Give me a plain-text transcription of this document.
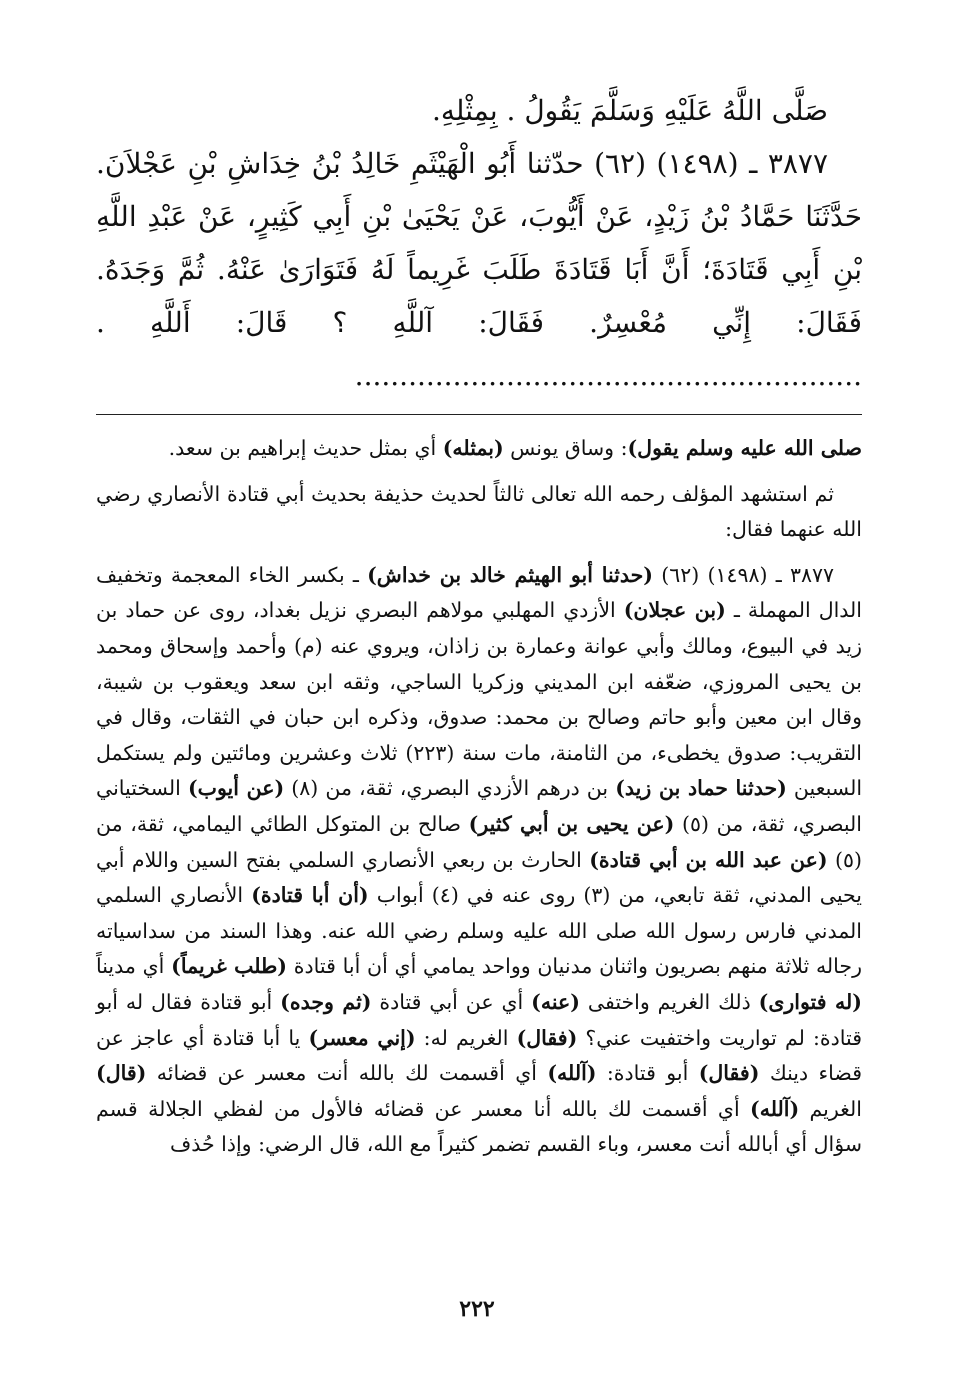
صَلَّى اللَّهُ عَلَيْهِ وَسَلَّمَ يَقُولُ . بِمِثْلِهِ.

٣٨٧٧ ـ (١٤٩٨) (٦٢) حدّثنا أَبُو الْهَيْثَمِ خَالِدُ بْنُ خِدَاشِ بْنِ عَجْلاَنَ. حَدَّثَنَا حَمَّادُ بْنُ زَيْدٍ، عَنْ أَيُّوبَ، عَنْ يَحْيَىٰ بْنِ أَبِي كَثِيرٍ، عَنْ عَبْدِ اللَّهِ بْنِ أَبِي قَتَادَةَ؛ أَنَّ أَبَا قَتَادَةَ طَلَبَ غَرِيماً لَهُ فَتَوَارَىٰ عَنْهُ. ثُمَّ وَجَدَهُ. فَقَالَ: إِنِّي مُعْسِرٌ. فَقَالَ: آللَّهِ ؟ قَالَ: أَللَّهِ . .........................................................

صلى الله عليه وسلم يقول): وساق يونس (بمثله) أي بمثل حديث إبراهيم بن سعد.

ثم استشهد المؤلف رحمه الله تعالى ثالثاً لحديث حذيفة بحديث أبي قتادة الأنصاري رضي الله عنهما فقال:

٣٨٧٧ ـ (١٤٩٨) (٦٢) (حدثنا أبو الهيثم خالد بن خداش) ـ بكسر الخاء المعجمة وتخفيف الدال المهملة ـ (بن عجلان) الأزدي المهلبي مولاهم البصري نزيل بغداد، روى عن حماد بن زيد في البيوع، ومالك وأبي عوانة وعمارة بن زاذان، ويروي عنه (م) وأحمد وإسحاق ومحمد بن يحيى المروزي، ضعّفه ابن المديني وزكريا الساجي، وثقه ابن سعد ويعقوب بن شيبة، وقال ابن معين وأبو حاتم وصالح بن محمد: صدوق، وذكره ابن حبان في الثقات، وقال في التقريب: صدوق يخطىء، من الثامنة، مات سنة (٢٢٣) ثلاث وعشرين ومائتين ولم يستكمل السبعين (حدثنا حماد بن زيد) بن درهم الأزدي البصري، ثقة، من (٨) (عن أيوب) السختياني البصري، ثقة، من (٥) (عن يحيى بن أبي كثير) صالح بن المتوكل الطائي اليمامي، ثقة، من (٥) (عن عبد الله بن أبي قتادة) الحارث بن ربعي الأنصاري السلمي بفتح السين واللام أبي يحيى المدني، ثقة تابعي، من (٣) روى عنه في (٤) أبواب (أن أبا قتادة) الأنصاري السلمي المدني فارس رسول الله صلى الله عليه وسلم رضي الله عنه. وهذا السند من سداسياته رجاله ثلاثة منهم بصريون واثنان مدنيان وواحد يمامي أي أن أبا قتادة (طلب غريماً) أي مديناً (له فتوارى) ذلك الغريم واختفى (عنه) أي عن أبي قتادة (ثم وجده) أبو قتادة فقال له أبو قتادة: لم تواريت واختفيت عني؟ (فقال) الغريم له: (إني معسر) يا أبا قتادة أي عاجز عن قضاء دينك (فقال) أبو قتادة: (آلله) أي أقسمت لك بالله أنت معسر عن قضائه (قال) الغريم (آلله) أي أقسمت لك بالله أنا معسر عن قضائه فالأول من لفظي الجلالة قسم سؤال أي أبالله أنت معسر، وباء القسم تضمر كثيراً مع الله، قال الرضي: وإذا حُذف

٢٢٢
